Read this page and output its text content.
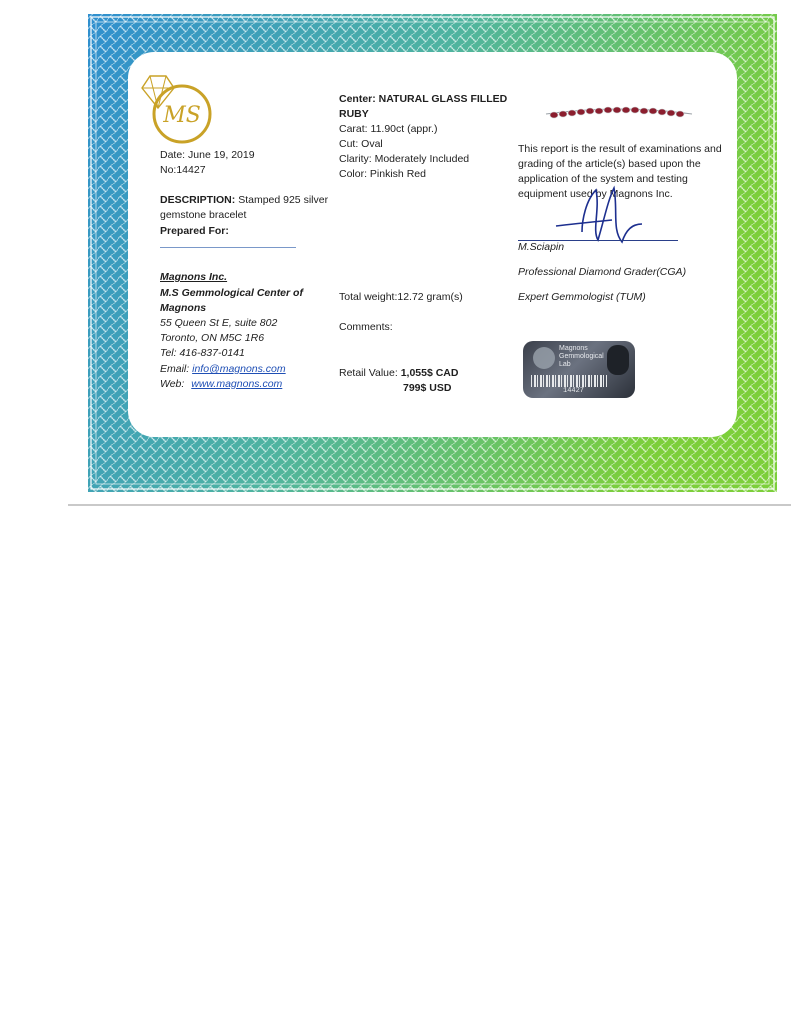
MS
Date: June 19, 2019
No:14427
DESCRIPTION: Stamped 925 silver
gemstone bracelet
Prepared For:
Magnons Inc.
M.S Gemmological Center of
Magnons
55 Queen St E, suite 802
Toronto, ON M5C 1R6
Tel: 416-837-0141
Email: info@magnons.com
Web: www.magnons.com
Center: NATURAL GLASS FILLED
RUBY
Carat: 11.90ct (appr.)
Cut: Oval
Clarity: Moderately Included
Color: Pinkish Red
Total weight:12.72 gram(s)
Comments:
Retail Value: 1,055$ CAD
799$ USD
This report is the result of examinations and
grading of the article(s) based upon the
application of the system and testing
equipment used by Magnons Inc.
M.Sciapin
Professional Diamond Grader(CGA)
Expert Gemmologist (TUM)
Magnons
Gemmological
Lab
14427
